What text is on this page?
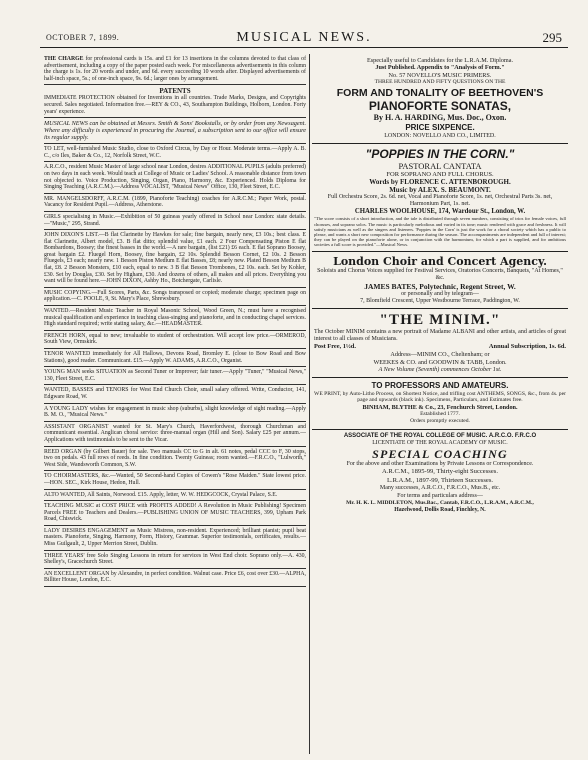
OCTOBER 7, 1899.	MUSICAL NEWS.	295
THE CHARGE for professional cards is 15s. and £1 for 13 insertions in the columns devoted to that class of advertisement, including a copy of the paper posted each week. For miscellaneous advertisements in this column the charge is 1s. for 20 words and under, and 6d. every succeeding 10 words after. Displayed advertisements of half-inch space, 5s.; of one-inch space, 9s. 6d.; larger ones by arrangement.
PATENTS
IMMEDIATE PROTECTION obtained for Inventions in all countries. Trade Marks, Designs, and Copyrights secured. Sales negotiated. Information free.—REY & CO., 43, Southampton Buildings, Holborn, London. Forty years' experience.
MUSICAL NEWS can be obtained at Messrs. Smith & Sons' Bookstalls, or by order from any Newsagent. Where any difficulty is experienced in procuring the Journal, a subscription sent to our office will ensure its regular supply.
TO LET, well-furnished Music Studio, close to Oxford Circus, by Day or Hour. Moderate terms.—Apply A. B. C., c/o Iles, Baker & Co., 12, Norfolk Street, W.C.
A.R.C.O., resident Music Master of large school near London, desires ADDITIONAL PUPILS (adults preferred) on two days in each week. Would teach at College of Music or Ladies' School. A reasonable distance from town not objected to. Voice Production, Singing, Organ, Piano, Harmony, &c. Experienced. Holds Diploma for Singing Teaching (A.R.C.M.).—Address VOCALIST, "Musical News" Office, 130, Fleet Street, E.C.
MR. MANGELSDORFF, A.R.C.M. (1899, Pianoforte Teaching) coaches for A.R.C.M.; Paper Work, postal. Vacancy for Resident Pupil.—Address, Atherstone.
GIRLS specialising in Music.—Exhibition of 50 guineas yearly offered in School near London: state details.—"Music," 295, Strand.
JOHN DIXON'S LIST.—B flat Clarinette by Hawkes for sale; fine bargain, nearly new, £3 10s.; best class. E flat Clarinette, Albert model, £3. B flat ditto; splendid value, £1 each. 2 Four Compensating Piston E flat Bombardons, Boosey; the finest basses in the world.—A rare bargain, (list £21) £6 each. E flat Soprano Boosey, great bargain £2. Fluegel Horn, Boosey, fine bargain, £2 10s. Splendid Besson Cornet, £2 10s. 2 Besson Fluegels, £3 each; nearly new. 1 Besson Piston Medium E flat Basses, £8; nearly new. Plated Besson Medium B flat, £8. 2 Besson Monsters, £10 each, equal to new. 3 B flat Besson Trombones, £2 10s. each. Set by Kohler, £30. Set by Douglas, £30. Set by Higham, £30. And dozens of others, all makes and all prices. Everything you want will be found here.—JOHN DIXON, Ashby Ho., Botchergate, Carlisle.
MUSIC COPYING.—Full Scores, Parts, &c. Songs transposed or copied; moderate charge; specimen page on application.—C. POOLE, 9, St. Mary's Place, Shrewsbury.
WANTED.—Resident Music Teacher in Royal Masonic School, Wood Green, N.; must have a recognised musical qualification and experience in teaching class-singing and pianoforte, and in conducting chapel services. High standard required; write stating salary, &c.—HEADMASTER.
FRENCH HORN, equal to new; invaluable to student of orchestration. Will accept low price.—ORMEROD, South View, Ormskirk.
TENOR WANTED immediately for All Hallows, Devons Road, Bromley E. (close to Bow Road and Bow Stations), good reader. Communicant. £15.—Apply W. ADAMS, A.R.C.O., Organist.
YOUNG MAN seeks SITUATION as Second Tuner or Improver; fair tuner.—Apply "Tuner," "Musical News," 130, Fleet Street, E.C.
WANTED, BASSES and TENORS for West End Church Choir, small salary offered. Write, Conductor, 141, Edgware Road, W.
A YOUNG LADY wishes for engagement in music shop (suburbs), slight knowledge of sight reading.—Apply B. M. O., "Musical News."
ASSISTANT ORGANIST wanted for St. Mary's Church, Haverfordwest, thorough Churchman and communicant essential. Anglican choral service: three-manual organ (Hill and Son). Salary £25 per annum.—Applications with testimonials to be sent to the Vicar.
REED ORGAN (by Gilbert Bauer) for sale. Two manuals CC to G in alt. 61 notes, pedal CCC to F, 30 stops, two on pedals. 43 full rows of reeds. In fine condition. Twenty Guineas; room wanted.—F.R.C.O., "Lulworth," West Side, Wandsworth Common, S.W.
TO CHOIRMASTERS, &c.—Wanted, 50 Second-hand Copies of Cowen's "Rose Maiden." State lowest price.—HON. SEC., Kirk House, Hedon, Hull.
ALTO WANTED, All Saints, Norwood. £15. Apply, letter, W. W. HEDGCOCK, Crystal Palace, S.E.
TEACHING MUSIC at COST PRICE with PROFITS ADDED! A Revolution in Music Publishing! Specimen Parcels FREE to Teachers and Dealers.—PUBLISHING UNION OF MUSIC TEACHERS, 399, Upham Park Road, Chiswick.
LADY DESIRES ENGAGEMENT as Music Mistress, non-resident. Experienced; brilliant pianist; pupil beat masters. Pianoforte, Singing, Harmony, Form, History, Grammar. Superior testimonials, certificates, results.—Miss Guilgault, 2, Upper Merrion Street, Dublin.
THREE YEARS' free Solo Singing Lessons in return for services in West End choir. Soprano only.—A. 430, Shelley's, Gracechurch Street.
AN EXCELLENT ORGAN by Alexandre, in perfect condition. Walnut case. Price £6, cost over £30.—ALPHA, Billiter House, London, E.C.
Especially useful to Candidates for the L.R.A.M. Diploma.
Just Published. Appendix to "Analysis of Form."
No. 57 NOVELLO'S MUSIC PRIMERS.
THREE HUNDRED AND FIFTY QUESTIONS ON THE
FORM AND TONALITY OF BEETHOVEN'S
PIANOFORTE SONATAS,
By H. A. HARDING, Mus. Doc., Oxon.
PRICE SIXPENCE.
LONDON: NOVELLO AND CO., LIMITED.
"POPPIES IN THE CORN."
PASTORAL CANTATA
FOR SOPRANO AND FULL CHORUS.
Words by FLORENCE C. ATTENBOROUGH.
Music by ALEX. S. BEAUMONT.
Full Orchestra Score, 2s. 6d. net, Vocal and Pianoforte Score, 1s. net, Orchestral Parts 3s. net, Harmonium Part, 1s. net.
CHARLES WOOLHOUSE, 174, Wardour St., London, W.
"The score consists of a short introduction, and the tale is distributed through seven numbers, consisting of trios for female voices, full choruses, and soprano solos. The music is particularly melodious and varied in its tone; music rendered with grace and freshness. It will satisfy musicians as well as the singers and listeners. 'Poppies in the Corn' is just the work for a choral society which has a public to please, and wants a short new composition for performance during the season. The accompaniments are independent and full of interest; they can be played on the pianoforte alone, or in conjunction with the harmonium, for which a part is supplied, and for ambitious societies a full score is provided."—Musical News.
London Choir and Concert Agency.
Soloists and Chorus Voices supplied for Festival Services, Oratorios Concerts, Banquets, "At Homes," &c.
JAMES BATES, Polytechnic, Regent Street, W.
or personally and by telegram—
7, Blomfield Crescent, Upper Westbourne Terrace, Paddington, W.
"THE MINIM."
The October MINIM contains a new portrait of Madame ALBANI and other artists, and articles of great interest to all classes of Musicians.
Post Free, 1½d.	Annual Subscription, 1s. 6d.
Address—MINIM CO., Cheltenham; or
WEEKES & CO. and GOODWIN & TABB, London.
A New Volume (Seventh) commences October 1st.
TO PROFESSORS AND AMATEURS.
WE PRINT, by Auto-Litho Process, on Shortest Notice, and trifling cost ANTHEMS, SONGS, &c., from 4s. per page and upwards (black ink). Specimens, Particulars, and Estimates free.
BINHAM, BLYTHE & Co., 23, Fenchurch Street, London.
Established 1777.
Orders promptly executed.
ASSOCIATE OF THE ROYAL COLLEGE OF MUSIC. A.R.C.O. F.R.C.O
LICENTIATE OF THE ROYAL ACADEMY OF MUSIC.
SPECIAL COACHING
For the above and other Examinations by Private Lessons or Correspondence.
A.R.C.M., 1895-99, Thirty-eight Successes.
L.R.A.M., 1897-99, Thirteen Successes.
Many successes, A.R.C.O., F.R.C.O., Mus.B., etc.
For terms and particulars address—
Mr. H. K. L. MIDDLETON, Mus.Bac., Cantab, F.R.C.O., L.R.A.M., A.R.C.M.,
Hazelwood, Dollis Road, Finchley, N.
